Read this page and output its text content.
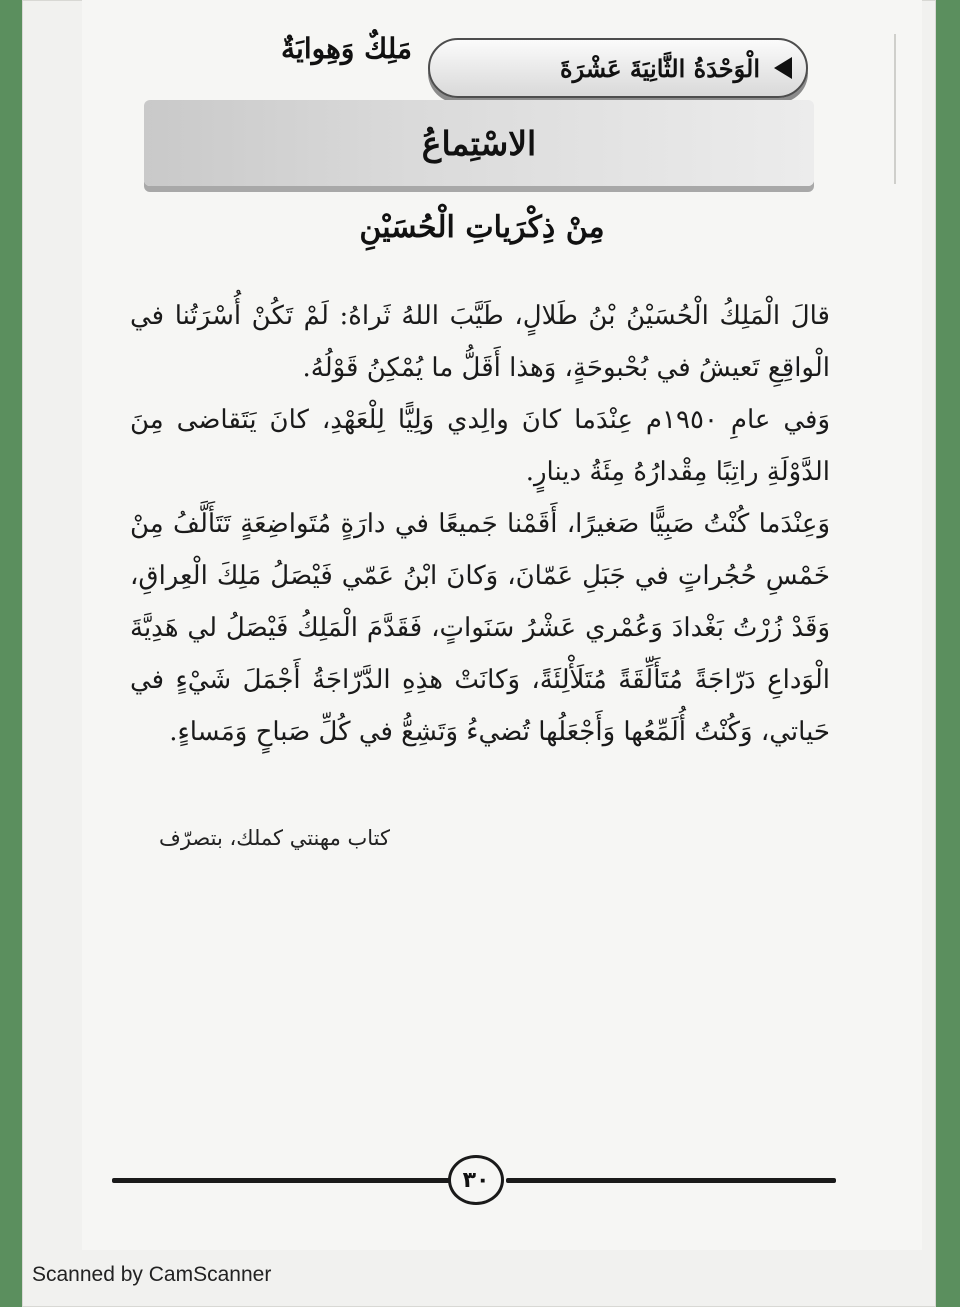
الْوَحْدَةُ الثَّانِيَةَ عَشْرَةَ
مَلِكٌ وَهِوايَةٌ
الاسْتِماعُ
مِنْ ذِكْرَياتِ الْحُسَيْنِ

قالَ الْمَلِكُ الْحُسَيْنُ بْنُ طَلالٍ، طَيَّبَ اللهُ ثَراهُ: لَمْ تَكُنْ أُسْرَتُنا في الْواقِعِ تَعيشُ في بُحْبوحَةٍ، وَهذا أَقَلُّ ما يُمْكِنُ قَوْلُهُ.

وَفي عامِ ١٩٥٠م عِنْدَما كانَ والِدي وَلِيًّا لِلْعَهْدِ، كانَ يَتَقاضى مِنَ الدَّوْلَةِ راتِبًا مِقْدارُهُ مِئَةُ دينارٍ.

وَعِنْدَما كُنْتُ صَبِيًّا صَغيرًا، أَقَمْنا جَميعًا في دارَةٍ مُتَواضِعَةٍ تَتَأَلَّفُ مِنْ خَمْسِ حُجُراتٍ في جَبَلِ عَمّانَ، وَكانَ ابْنُ عَمّي فَيْصَلُ مَلِكَ الْعِراقِ، وَقَدْ زُرْتُ بَغْدادَ وَعُمْري عَشْرُ سَنَواتٍ، فَقَدَّمَ الْمَلِكُ فَيْصَلُ لي هَدِيَّةَ الْوَداعِ دَرّاجَةً مُتَأَلِّقَةً مُتَلَأْلِئَةً، وَكانَتْ هذِهِ الدَّرّاجَةُ أَجْمَلَ شَيْءٍ في حَياتي، وَكُنْتُ أُلَمِّعُها وَأَجْعَلُها تُضيءُ وَتَشِعُّ في كُلِّ صَباحٍ وَمَساءٍ.

كتاب مهنتي كملك، بتصرّف
٣٠
Scanned by CamScanner
